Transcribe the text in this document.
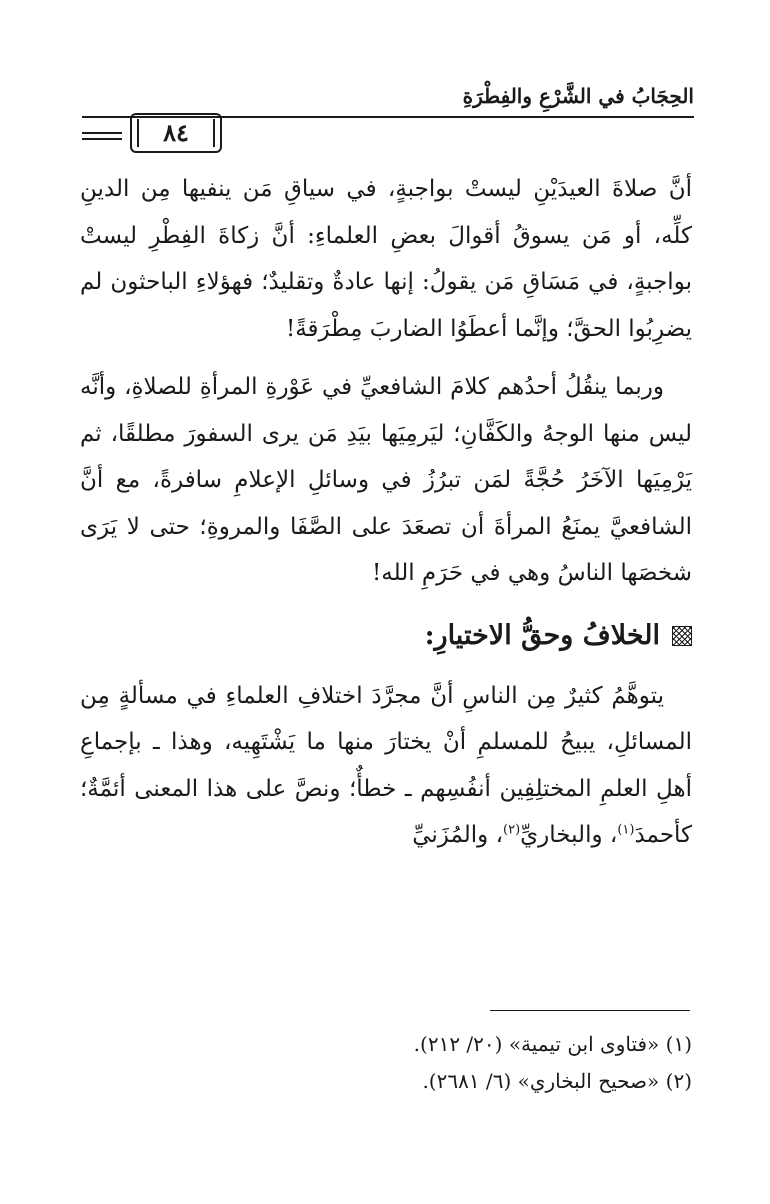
الحِجَابُ في الشَّرْعِ والفِطْرَةِ
٨٤

أنَّ صلاةَ العيدَيْنِ ليستْ بواجبةٍ، في سياقِ مَن ينفيها مِن الدينِ كلِّه، أو مَن يسوقُ أقوالَ بعضِ العلماءِ: أنَّ زكاةَ الفِطْرِ ليستْ بواجبةٍ، في مَسَاقِ مَن يقولُ: إنها عادةٌ وتقليدٌ؛ فهؤلاءِ الباحثون لم يضرِبُوا الحقَّ؛ وإنَّما أعطَوُا الضاربَ مِطْرَقةً!

وربما ينقُلُ أحدُهم كلامَ الشافعيِّ في عَوْرةِ المرأةِ للصلاةِ، وأنَّه ليس منها الوجهُ والكَفَّانِ؛ ليَرمِيَها بيَدِ مَن يرى السفورَ مطلقًا، ثم يَرْمِيَها الآخَرُ حُجَّةً لمَن تبرُزُ في وسائلِ الإعلامِ سافرةً، مع أنَّ الشافعيَّ يمنَعُ المرأةَ أن تصعَدَ على الصَّفَا والمروةِ؛ حتى لا يَرَى شخصَها الناسُ وهي في حَرَمِ الله!

الخلافُ وحقُّ الاختيارِ:

يتوهَّمُ كثيرٌ مِن الناسِ أنَّ مجرَّدَ اختلافِ العلماءِ في مسألةٍ مِن المسائلِ، يبيحُ للمسلمِ أنْ يختارَ منها ما يَشْتَهِيه، وهذا ـ بإجماعِ أهلِ العلمِ المختلِفِين أنفُسِهم ـ خطأٌ؛ ونصَّ على هذا المعنى أئمَّةٌ؛ كأحمدَ$^{(١)}$، والبخاريِّ$^{(٢)}$، والمُزَنيِّ

(١) «فتاوى ابن تيمية» (٢٠/ ٢١٢).

(٢) «صحيح البخاري» (٦/ ٢٦٨١).
